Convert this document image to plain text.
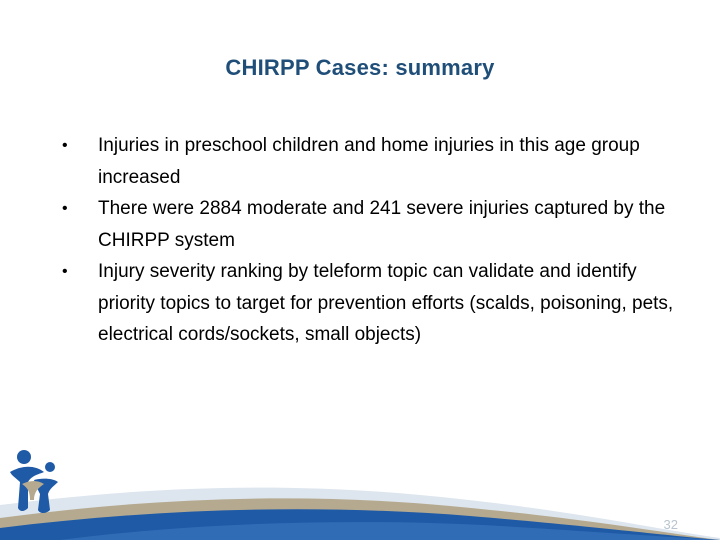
CHIRPP Cases: summary
• Injuries in preschool children and home injuries in this age group increased
• There were 2884 moderate and 241 severe injuries captured by the CHIRPP system
• Injury severity ranking by teleform topic can validate and identify priority topics to target for prevention efforts (scalds, poisoning, pets, electrical cords/sockets, small objects)
32
